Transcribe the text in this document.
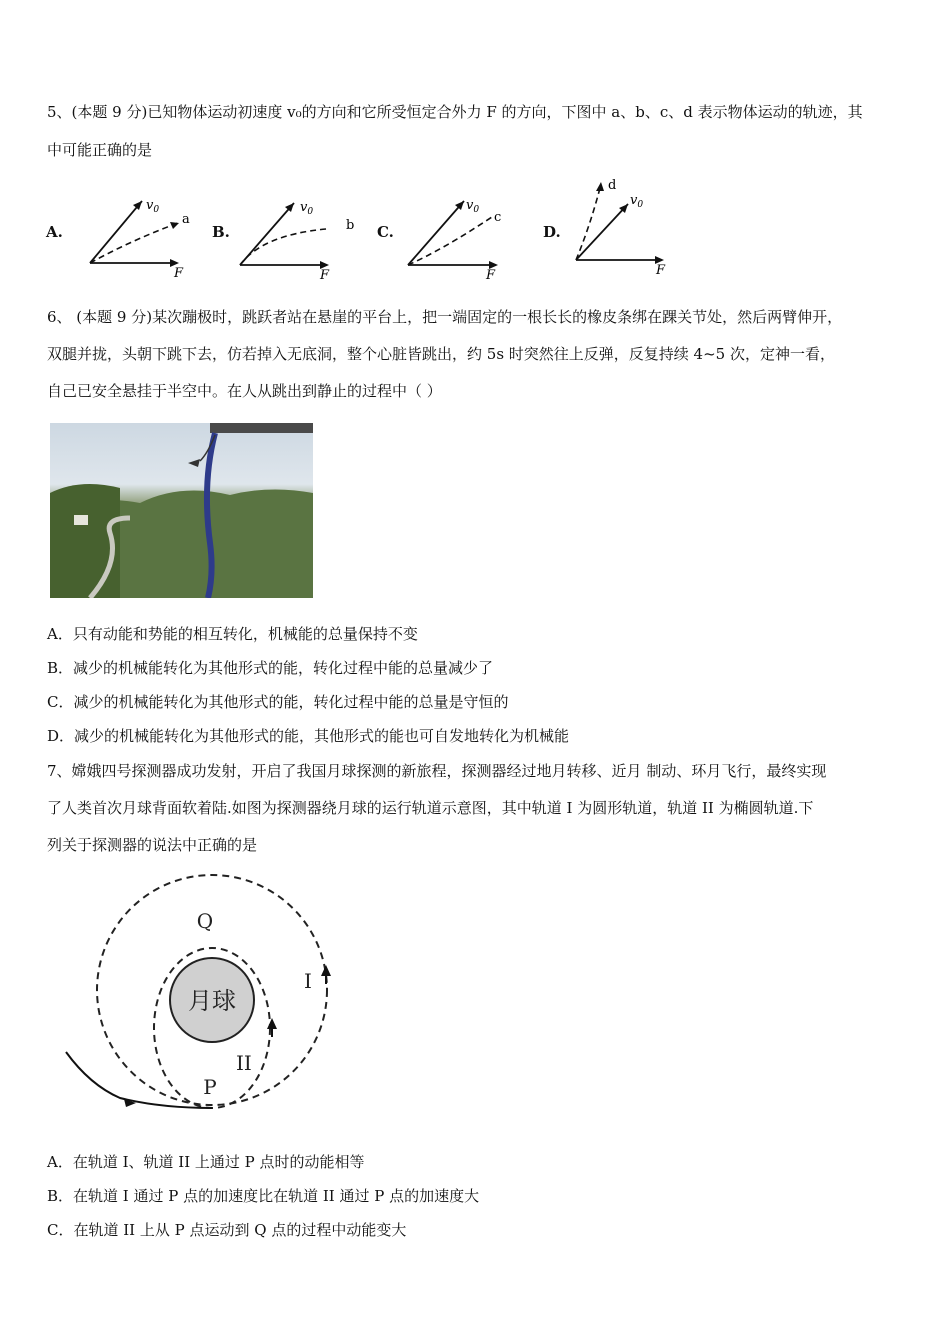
5、(本题 9 分)已知物体运动初速度 v₀的方向和它所受恒定合外力 F 的方向，下图中 a、b、c、d 表示物体运动的轨迹，其
中可能正确的是
A.
$v_0$
a
F
B.
$v_0$
b
F
C.
$v_0$ c
F
D.
d
$v_0$
F
6、 (本题 9 分)某次蹦极时，跳跃者站在悬崖的平台上，把一端固定的一根长长的橡皮条绑在踝关节处，然后两臂伸开，
双腿并拢，头朝下跳下去，仿若掉入无底洞，整个心脏皆跳出，约 5s 时突然往上反弹，反复持续 4~5 次，定神一看，
自己已安全悬挂于半空中。在人从跳出到静止的过程中（ ）
A．只有动能和势能的相互转化，机械能的总量保持不变
B．减少的机械能转化为其他形式的能，转化过程中能的总量减少了
C．减少的机械能转化为其他形式的能，转化过程中能的总量是守恒的
D．减少的机械能转化为其他形式的能，其他形式的能也可自发地转化为机械能
7、嫦娥四号探测器成功发射，开启了我国月球探测的新旅程，探测器经过地月转移、近月 制动、环月飞行，最终实现
了人类首次月球背面软着陆.如图为探测器绕月球的运行轨道示意图，其中轨道 I 为圆形轨道，轨道 II 为椭圆轨道.下
列关于探测器的说法中正确的是
月球
Q
P
I
II
A．在轨道 I、轨道 II 上通过 P 点时的动能相等
B．在轨道 I 通过 P 点的加速度比在轨道 II 通过 P 点的加速度大
C．在轨道 II 上从 P 点运动到 Q 点的过程中动能变大
